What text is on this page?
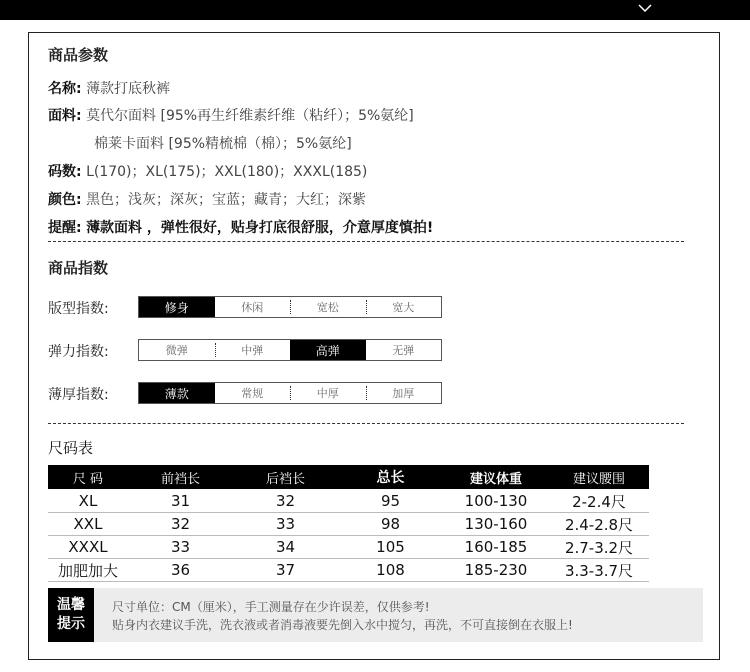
商品参数
名称: 薄款打底秋裤
面料: 莫代尔面料 [95%再生纤维素纤维（粘纤）；5%氨纶]
棉莱卡面料 [95%精梳棉（棉）；5%氨纶]
码数: L(170)；XL(175)；XXL(180)；XXXL(185)
颜色: 黑色；浅灰；深灰；宝蓝；藏青；大红；深紫
提醒: 薄款面料 ，弹性很好，贴身打底很舒服，介意厚度慎拍!
商品指数
版型指数:	修身	休闲	宽松	宽大
弹力指数:	微弹	中弹	高弹	无弹
薄厚指数:	薄款	常规	中厚	加厚
尺码表
尺 码	前裆长	后裆长	总长	建议体重	建议腰围
XL	31	32	95	100-130	2-2.4尺
XXL	32	33	98	130-160	2.4-2.8尺
XXXL	33	34	105	160-185	2.7-3.2尺
加肥加大	36	37	108	185-230	3.3-3.7尺
温馨
提示
尺寸单位：CM（厘米），手工测量存在少许误差，仅供参考!
贴身内衣建议手洗，洗衣液或者消毒液要先倒入水中搅匀，再洗，不可直接倒在衣服上!
